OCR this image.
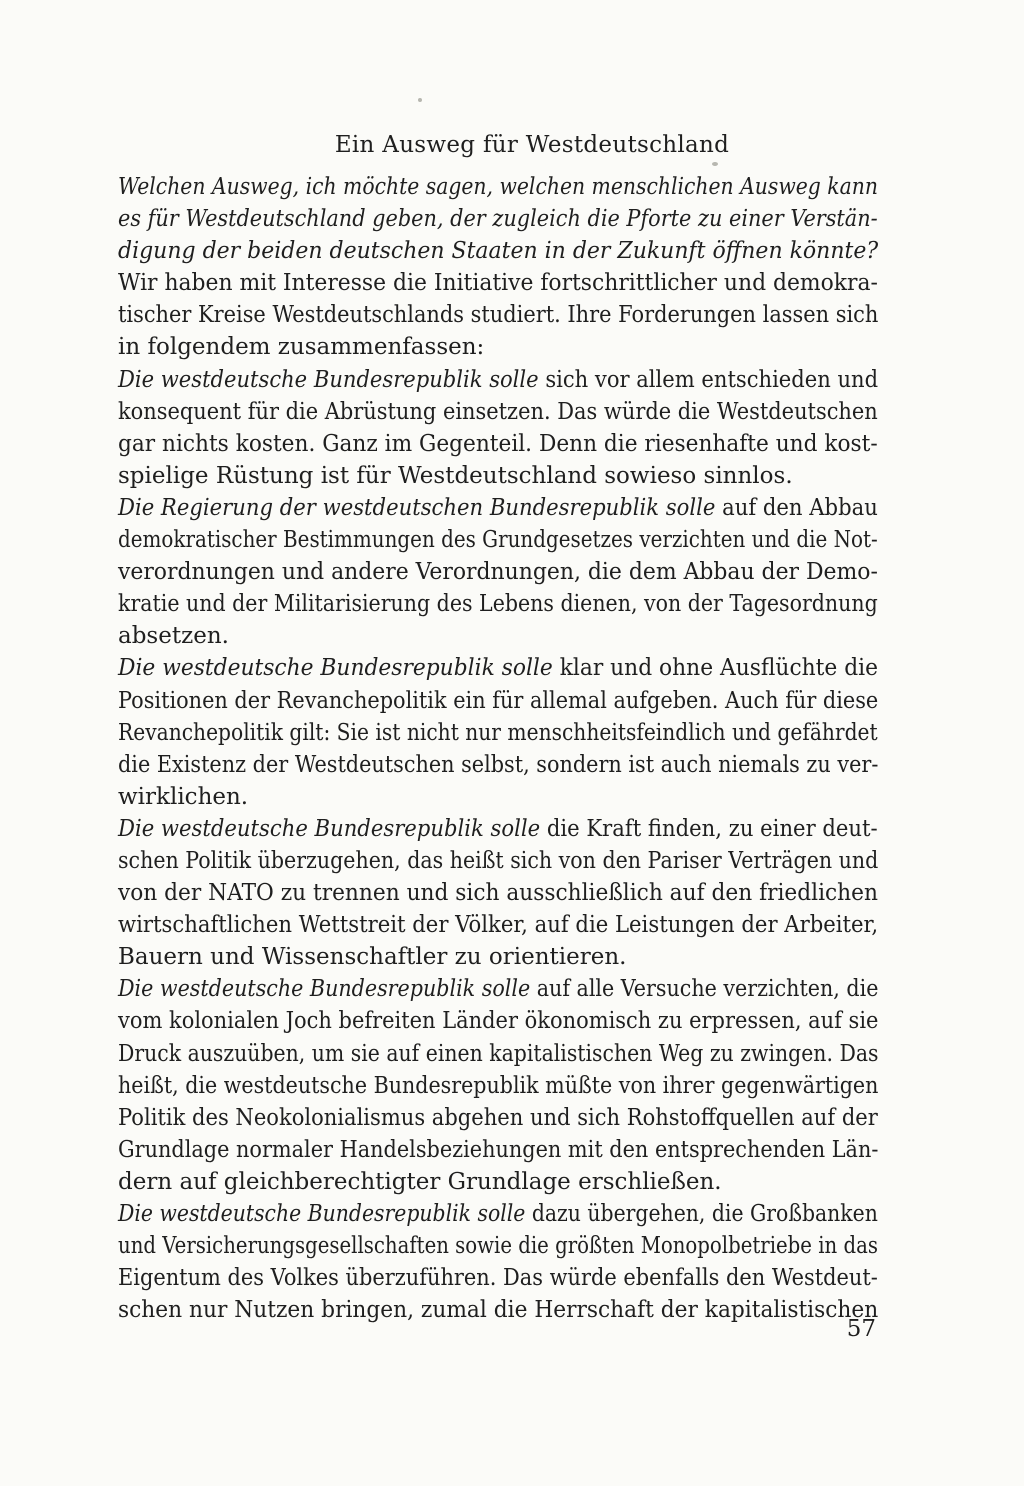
Ein Ausweg für Westdeutschland

Welchen Ausweg, ich möchte sagen, welchen menschlichen Ausweg kann
es für Westdeutschland geben, der zugleich die Pforte zu einer Verstän-
digung der beiden deutschen Staaten in der Zukunft öffnen könnte?

Wir haben mit Interesse die Initiative fortschrittlicher und demokra-
tischer Kreise Westdeutschlands studiert. Ihre Forderungen lassen sich
in folgendem zusammenfassen:

Die westdeutsche Bundesrepublik solle sich vor allem entschieden und
konsequent für die Abrüstung einsetzen. Das würde die Westdeutschen
gar nichts kosten. Ganz im Gegenteil. Denn die riesenhafte und kost-
spielige Rüstung ist für Westdeutschland sowieso sinnlos.

Die Regierung der westdeutschen Bundesrepublik solle auf den Abbau
demokratischer Bestimmungen des Grundgesetzes verzichten und die Not-
verordnungen und andere Verordnungen, die dem Abbau der Demo-
kratie und der Militarisierung des Lebens dienen, von der Tagesordnung
absetzen.

Die westdeutsche Bundesrepublik solle klar und ohne Ausflüchte die
Positionen der Revanchepolitik ein für allemal aufgeben. Auch für diese
Revanchepolitik gilt: Sie ist nicht nur menschheitsfeindlich und gefährdet
die Existenz der Westdeutschen selbst, sondern ist auch niemals zu ver-
wirklichen.

Die westdeutsche Bundesrepublik solle die Kraft finden, zu einer deut-
schen Politik überzugehen, das heißt sich von den Pariser Verträgen und
von der NATO zu trennen und sich ausschließlich auf den friedlichen
wirtschaftlichen Wettstreit der Völker, auf die Leistungen der Arbeiter,
Bauern und Wissenschaftler zu orientieren.

Die westdeutsche Bundesrepublik solle auf alle Versuche verzichten, die
vom kolonialen Joch befreiten Länder ökonomisch zu erpressen, auf sie
Druck auszuüben, um sie auf einen kapitalistischen Weg zu zwingen. Das
heißt, die westdeutsche Bundesrepublik müßte von ihrer gegenwärtigen
Politik des Neokolonialismus abgehen und sich Rohstoffquellen auf der
Grundlage normaler Handelsbeziehungen mit den entsprechenden Län-
dern auf gleichberechtigter Grundlage erschließen.

Die westdeutsche Bundesrepublik solle dazu übergehen, die Großbanken
und Versicherungsgesellschaften sowie die größten Monopolbetriebe in das
Eigentum des Volkes überzuführen. Das würde ebenfalls den Westdeut-
schen nur Nutzen bringen, zumal die Herrschaft der kapitalistischen

57
